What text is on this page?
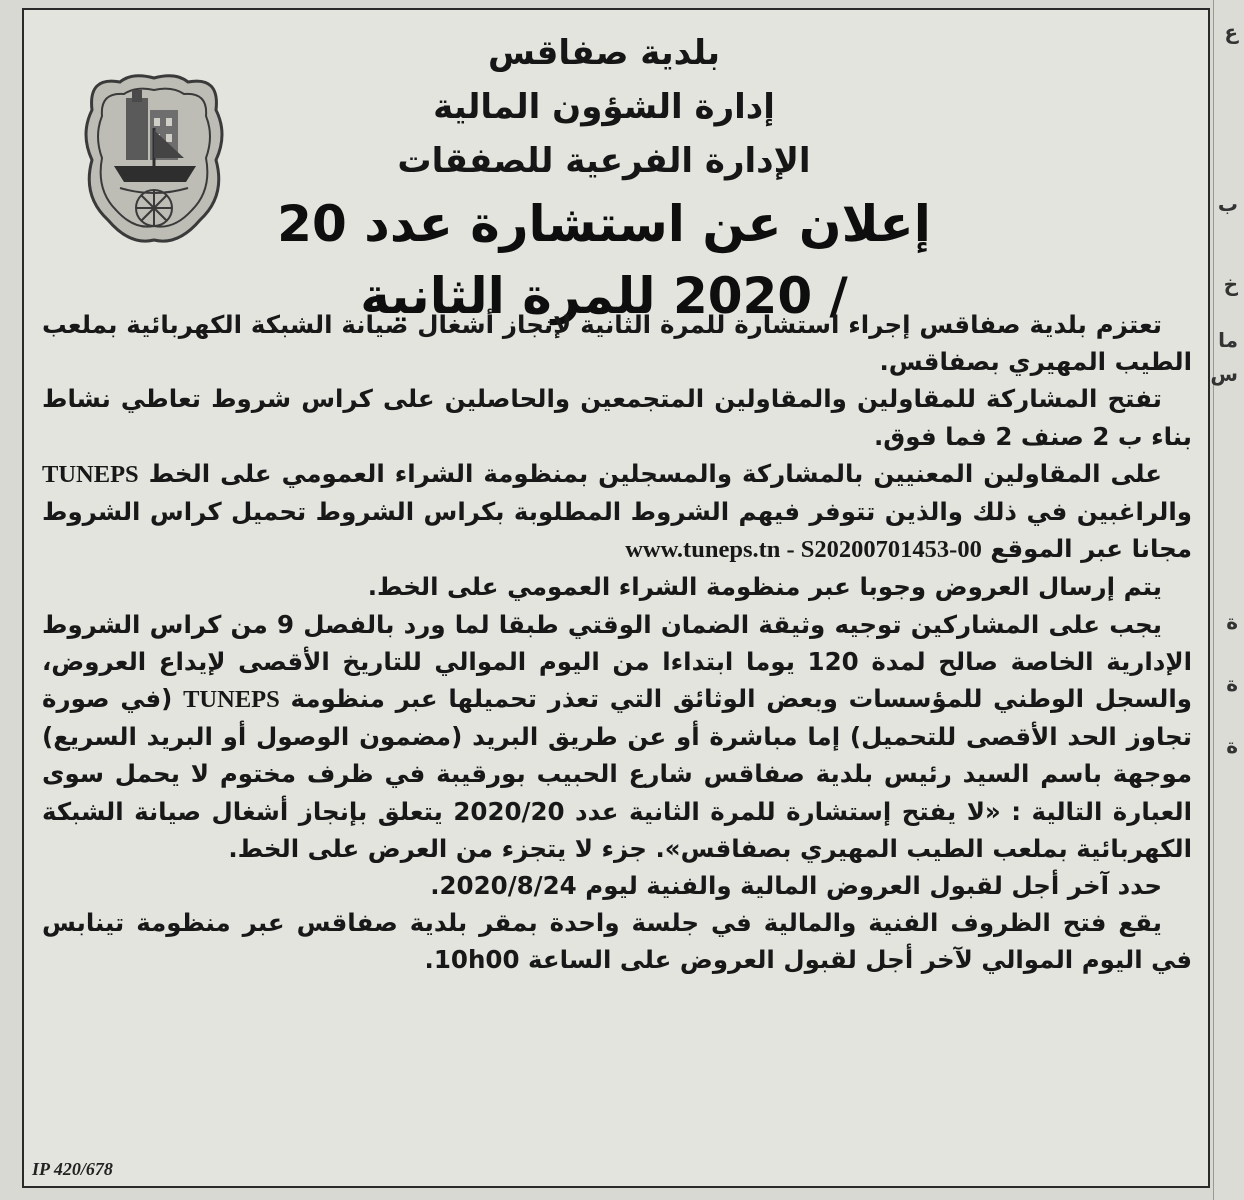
ع
ب
خ
ما
س
ة
ة
ة
بلدية صفاقس
إدارة الشؤون المالية
الإدارة الفرعية للصفقات
إعلان عن استشارة عدد 20 / 2020 للمرة الثانية

تعتزم بلدية صفاقس إجراء استشارة للمرة الثانية لإنجاز أشغال صيانة الشبكة الكهربائية بملعب الطيب المهيري بصفاقس.

تفتح المشاركة للمقاولين والمقاولين المتجمعين والحاصلين على كراس شروط تعاطي نشاط بناء ب 2 صنف 2 فما فوق.

على المقاولين المعنيين بالمشاركة والمسجلين بمنظومة الشراء العمومي على الخط TUNEPS والراغبين في ذلك والذين تتوفر فيهم الشروط المطلوبة بكراس الشروط تحميل كراس الشروط مجانا عبر الموقع www.tuneps.tn - S20200701453-00

يتم إرسال العروض وجوبا عبر منظومة الشراء العمومي على الخط.

يجب على المشاركين توجيه وثيقة الضمان الوقتي طبقا لما ورد بالفصل 9 من كراس الشروط الإدارية الخاصة صالح لمدة 120 يوما ابتداءا من اليوم الموالي للتاريخ الأقصى لإيداع العروض، والسجل الوطني للمؤسسات وبعض الوثائق التي تعذر تحميلها عبر منظومة TUNEPS (في صورة تجاوز الحد الأقصى للتحميل) إما مباشرة أو عن طريق البريد (مضمون الوصول أو البريد السريع) موجهة باسم السيد رئيس بلدية صفاقس شارع الحبيب بورقيبة في ظرف مختوم لا يحمل سوى العبارة التالية : «لا يفتح إستشارة للمرة الثانية عدد 2020/20 يتعلق بإنجاز أشغال صيانة الشبكة الكهربائية بملعب الطيب المهيري بصفاقس». جزء لا يتجزء من العرض على الخط.

حدد آخر أجل لقبول العروض المالية والفنية ليوم 2020/8/24.

يقع فتح الظروف الفنية والمالية في جلسة واحدة بمقر بلدية صفاقس عبر منظومة تينابس في اليوم الموالي لآخر أجل لقبول العروض على الساعة 10h00.

IP 420/678
